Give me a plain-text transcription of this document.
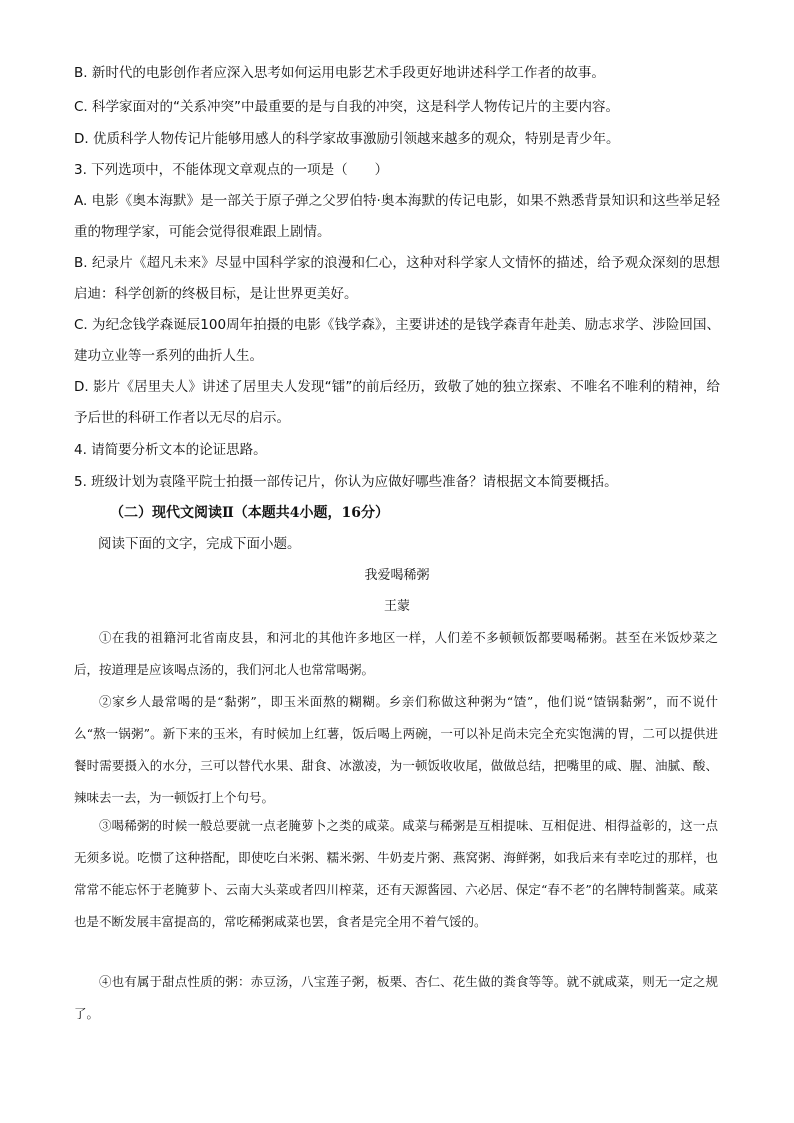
B. 新时代的电影创作者应深入思考如何运用电影艺术手段更好地讲述科学工作者的故事。

C. 科学家面对的“关系冲突”中最重要的是与自我的冲突，这是科学人物传记片的主要内容。

D. 优质科学人物传记片能够用感人的科学家故事激励引领越来越多的观众，特别是青少年。

3. 下列选项中，不能体现文章观点的一项是（　　）

A. 电影《奥本海默》是一部关于原子弹之父罗伯特·奥本海默的传记电影，如果不熟悉背景知识和这些举足轻重的物理学家，可能会觉得很难跟上剧情。

B. 纪录片《超凡未来》尽显中国科学家的浪漫和仁心，这种对科学家人文情怀的描述，给予观众深刻的思想启迪：科学创新的终极目标，是让世界更美好。

C. 为纪念钱学森诞辰100周年拍摄的电影《钱学森》，主要讲述的是钱学森青年赴美、励志求学、涉险回国、建功立业等一系列的曲折人生。

D. 影片《居里夫人》讲述了居里夫人发现“镭”的前后经历，致敬了她的独立探索、不唯名不唯利的精神，给予后世的科研工作者以无尽的启示。

4. 请简要分析文本的论证思路。

5. 班级计划为袁隆平院士拍摄一部传记片，你认为应做好哪些准备？请根据文本简要概括。

（二）现代文阅读Ⅱ（本题共4小题，16分）

阅读下面的文字，完成下面小题。

我爱喝稀粥

王蒙

①在我的祖籍河北省南皮县，和河北的其他许多地区一样，人们差不多顿顿饭都要喝稀粥。甚至在米饭炒菜之后，按道理是应该喝点汤的，我们河北人也常常喝粥。

②家乡人最常喝的是“黏粥”，即玉米面熬的糊糊。乡亲们称做这种粥为“馇”，他们说“馇锅黏粥”，而不说什么“熬一锅粥”。新下来的玉米，有时候加上红薯，饭后喝上两碗，一可以补足尚未完全充实饱满的胃，二可以提供进餐时需要摄入的水分，三可以替代水果、甜食、冰激凌，为一顿饭收收尾，做做总结，把嘴里的咸、腥、油腻、酸、辣味去一去，为一顿饭打上个句号。

③喝稀粥的时候一般总要就一点老腌萝卜之类的咸菜。咸菜与稀粥是互相提味、互相促进、相得益彰的，这一点无须多说。吃惯了这种搭配，即使吃白米粥、糯米粥、牛奶麦片粥、燕窝粥、海鲜粥，如我后来有幸吃过的那样，也常常不能忘怀于老腌萝卜、云南大头菜或者四川榨菜，还有天源酱园、六必居、保定“春不老”的名牌特制酱菜。咸菜也是不断发展丰富提高的，常吃稀粥咸菜也罢，食者是完全用不着气馁的。

④也有属于甜点性质的粥：赤豆汤，八宝莲子粥，板栗、杏仁、花生做的粪食等等。就不就咸菜，则无一定之规了。
